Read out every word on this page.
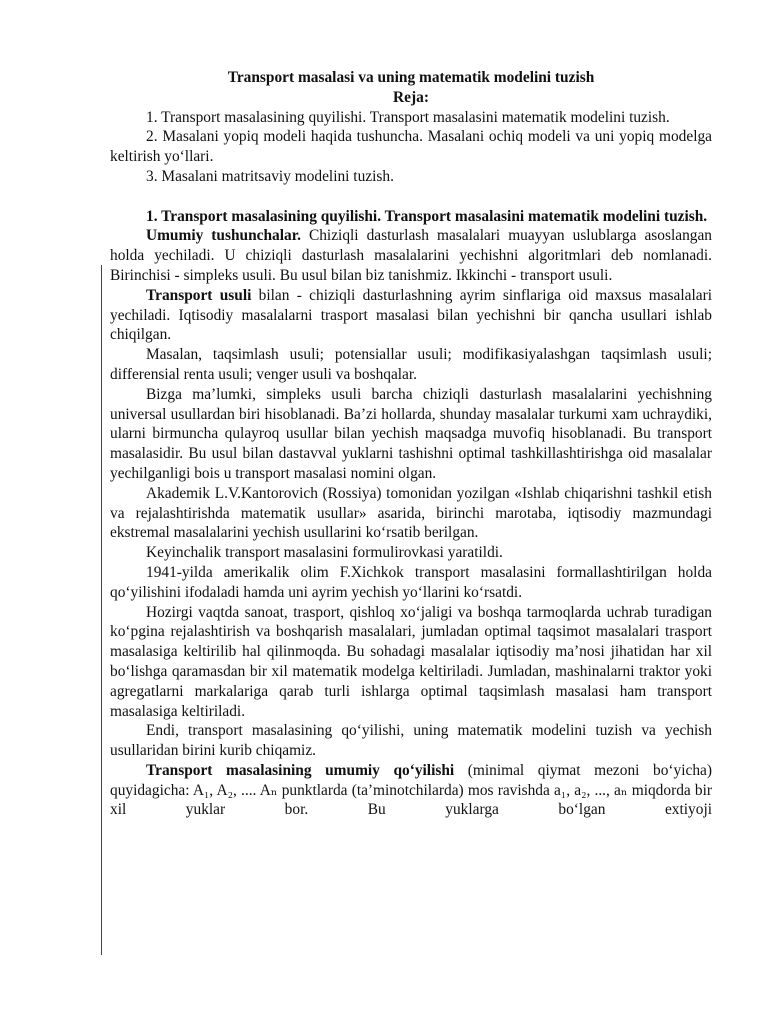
Transport masalasi va uning matematik modelini tuzish
Reja:

1. Transport masalasining quyilishi. Transport masalasini matematik modelini tuzish.

2. Masalani yopiq modeli haqida tushuncha. Masalani ochiq modeli va uni yopiq modelga keltirish yo‘llari.

3. Masalani matritsaviy modelini tuzish.

1. Transport masalasining quyilishi. Transport masalasini matematik modelini tuzish.

Umumiy tushunchalar. Chiziqli dasturlash masalalari muayyan uslublarga asoslangan holda yechiladi. U chiziqli dasturlash masalalarini yechishni algoritmlari deb nomlanadi. Birinchisi - simpleks usuli. Bu usul bilan biz tanishmiz. Ikkinchi - transport usuli.

Transport usuli bilan - chiziqli dasturlashning ayrim sinflariga oid maxsus masalalari yechiladi. Iqtisodiy masalalarni trasport masalasi bilan yechishni bir qancha usullari ishlab chiqilgan.

Masalan, taqsimlash usuli; potensiallar usuli; modifikasiyalashgan taqsimlash usuli; differensial renta usuli; venger usuli va boshqalar.

Bizga ma’lumki, simpleks usuli barcha chiziqli dasturlash masalalarini yechishning universal usullardan biri hisoblanadi. Ba’zi hollarda, shunday masalalar turkumi xam uchraydiki, ularni birmuncha qulayroq usullar bilan yechish maqsadga muvofiq hisoblanadi. Bu transport masalasidir. Bu usul bilan dastavval yuklarni tashishni optimal tashkillashtirishga oid masalalar yechilganligi bois u transport masalasi nomini olgan.

Akademik L.V.Kantorovich (Rossiya) tomonidan yozilgan «Ishlab chiqarishni tashkil etish va rejalashtirishda matematik usullar» asarida, birinchi marotaba, iqtisodiy mazmundagi ekstremal masalalarini yechish usullarini ko‘rsatib berilgan.

Keyinchalik transport masalasini formulirovkasi yaratildi.

1941-yilda amerikalik olim F.Xichkok transport masalasini formallashtirilgan holda qo‘yilishini ifodaladi hamda uni ayrim yechish yo‘llarini ko‘rsatdi.

Hozirgi vaqtda sanoat, trasport, qishloq xo‘jaligi va boshqa tarmoqlarda uchrab turadigan ko‘pgina rejalashtirish va boshqarish masalalari, jumladan optimal taqsimot masalalari trasport masalasiga keltirilib hal qilinmoqda. Bu sohadagi masalalar iqtisodiy ma’nosi jihatidan har xil bo‘lishga qaramasdan bir xil matematik modelga keltiriladi. Jumladan, mashinalarni traktor yoki agregatlarni markalariga qarab turli ishlarga optimal taqsimlash masalasi ham transport masalasiga keltiriladi.

Endi, transport masalasining qo‘yilishi, uning matematik modelini tuzish va yechish usullaridan birini kurib chiqamiz.

Transport masalasining umumiy qo‘yilishi (minimal qiymat mezoni bo‘yicha) quyidagicha: A₁, A₂, .... Aₙ punktlarda (ta’minotchilarda) mos ravishda a₁, a₂, ..., aₙ miqdorda bir xil yuklar bor. Bu yuklarga bo‘lgan extiyoji
